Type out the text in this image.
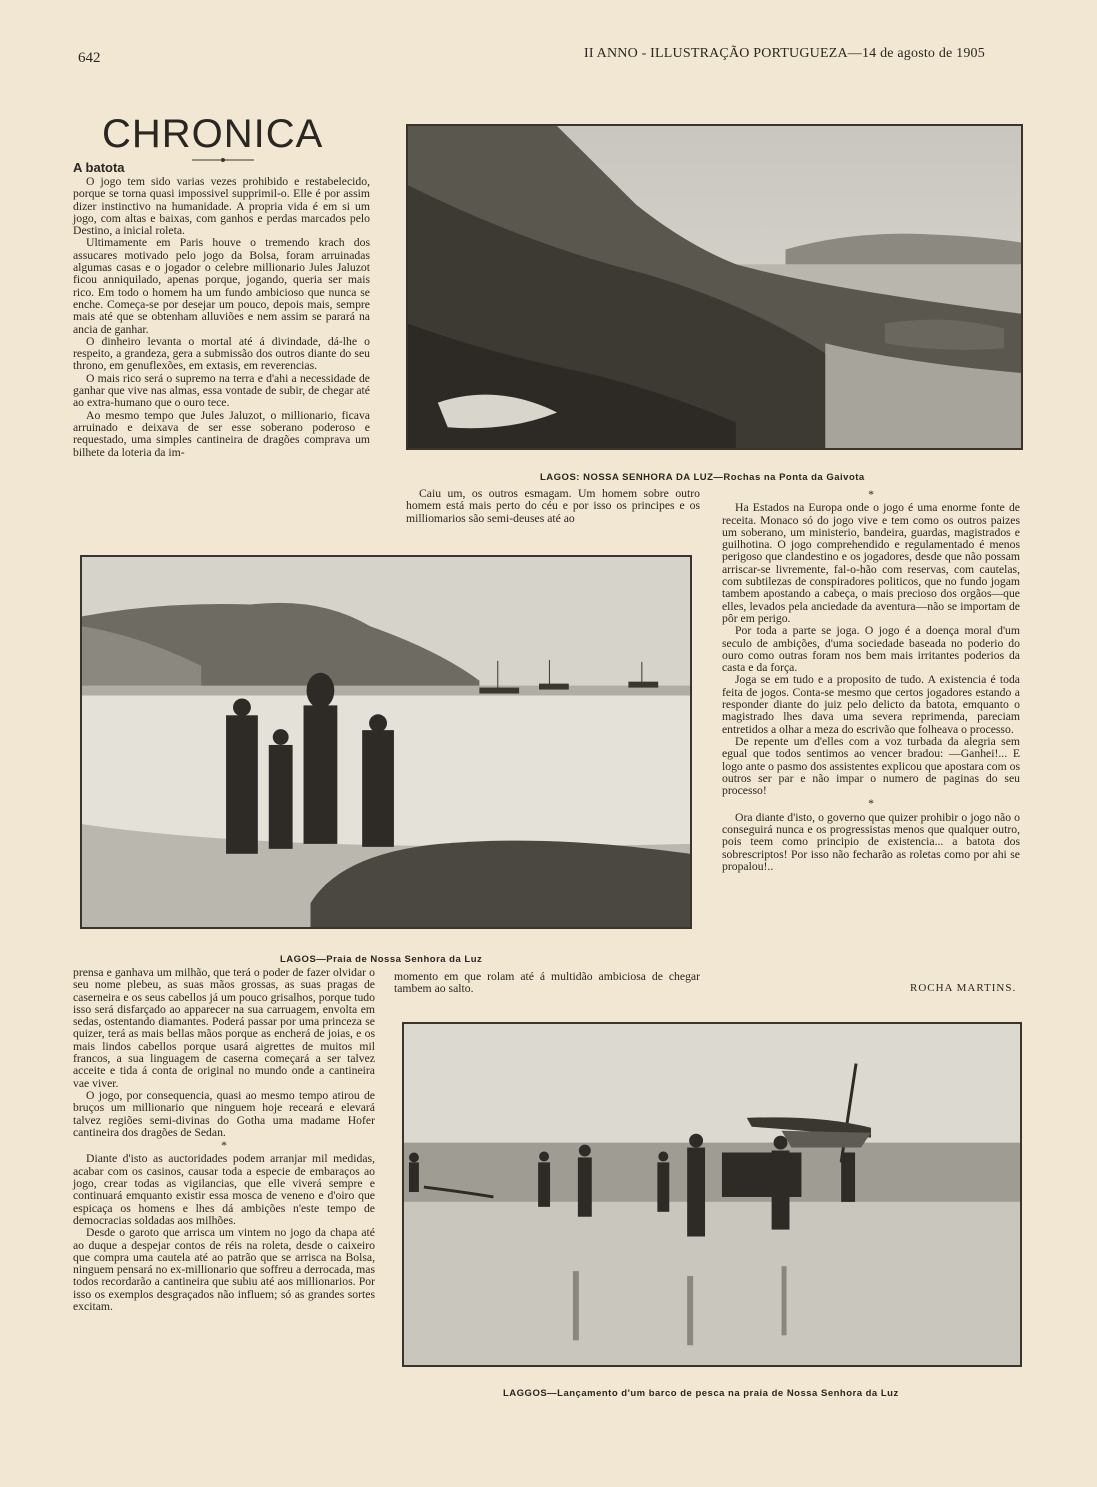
642	II ANNO - ILLUSTRAÇÃO PORTUGUEZA—14 de agosto de 1905
CHRONICA
A batota

O jogo tem sido varias vezes prohibido e restabelecido, porque se torna quasi impossivel supprimil-o. Elle é por assim dizer instinctivo na humanidade. A propria vida é em si um jogo, com altas e baixas, com ganhos e perdas marcados pelo Destino, a inicial roleta.

Ultimamente em Paris houve o tremendo krach dos assucares motivado pelo jogo da Bolsa, foram arruinadas algumas casas e o jogador o celebre millionario Jules Jaluzot ficou anniquilado, apenas porque, jogando, queria ser mais rico. Em todo o homem ha um fundo ambicioso que nunca se enche. Começa-se por desejar um pouco, depois mais, sempre mais até que se obtenham alluviões e nem assim se parará na ancia de ganhar.

O dinheiro levanta o mortal até á divindade, dá-lhe o respeito, a grandeza, gera a submissão dos outros diante do seu throno, em genuflexões, em extasis, em reverencias.

O mais rico será o supremo na terra e d'ahi a necessidade de ganhar que vive nas almas, essa vontade de subir, de chegar até ao extra-humano que o ouro tece.

Ao mesmo tempo que Jules Jaluzot, o millionario, ficava arruinado e deixava de ser esse soberano poderoso e requestado, uma simples cantineira de dragões comprava um bilhete da loteria da im-

LAGOS: NOSSA SENHORA DA LUZ—Rochas na Ponta da Gaivota

Caiu um, os outros esmagam. Um homem sobre outro homem está mais perto do céu e por isso os principes e os milliomarios são semi-deuses até ao

*

Ha Estados na Europa onde o jogo é uma enorme fonte de receita. Monaco só do jogo vive e tem como os outros paizes um soberano, um ministerio, bandeira, guardas, magistrados e guilhotina. O jogo comprehendido e regulamentado é menos perigoso que clandestino e os jogadores, desde que não possam arriscar-se livremente, fal-o-hão com reservas, com cautelas, com subtilezas de conspiradores politicos, que no fundo jogam tambem apostando a cabeça, o mais precioso dos orgãos—que elles, levados pela anciedade da aventura—não se importam de pôr em perigo.

Por toda a parte se joga. O jogo é a doença moral d'um seculo de ambições, d'uma sociedade baseada no poderio do ouro como outras foram nos bem mais irritantes poderios da casta e da força.

Joga se em tudo e a proposito de tudo. A existencia é toda feita de jogos. Conta-se mesmo que certos jogadores estando a responder diante do juiz pelo delicto da batota, emquanto o magistrado lhes dava uma severa reprimenda, pareciam entretidos a olhar a meza do escrivão que folheava o processo.

De repente um d'elles com a voz turbada da alegria sem egual que todos sentimos ao vencer bradou: —Ganhei!... E logo ante o pasmo dos assistentes explicou que apostara com os outros ser par e não impar o numero de paginas do seu processo!

*

Ora diante d'isto, o governo que quizer prohibir o jogo não o conseguirá nunca e os progressistas menos que qualquer outro, pois teem como principio de existencia... a batota dos sobrescriptos! Por isso não fecharão as roletas como por ahi se propalou!..

ROCHA MARTINS.
LAGOS—Praia de Nossa Senhora da Luz

prensa e ganhava um milhão, que terá o poder de fazer olvidar o seu nome plebeu, as suas mãos grossas, as suas pragas de caserneira e os seus cabellos já um pouco grisalhos, porque tudo isso será disfarçado ao apparecer na sua carruagem, envolta em sedas, ostentando diamantes. Poderá passar por uma princeza se quizer, terá as mais bellas mãos porque as encherá de joias, e os mais lindos cabellos porque usará aigrettes de muitos mil francos, a sua linguagem de caserna começará a ser talvez acceite e tida á conta de original no mundo onde a cantineira vae viver.

O jogo, por consequencia, quasi ao mesmo tempo atirou de bruços um millionario que ninguem hoje receará e elevará talvez regiões semi-divinas do Gotha uma madame Hofer cantineira dos dragões de Sedan.

*

Diante d'isto as auctoridades podem arranjar mil medidas, acabar com os casinos, causar toda a especie de embaraços ao jogo, crear todas as vigilancias, que elle viverá sempre e continuará emquanto existir essa mosca de veneno e d'oiro que espicaça os homens e lhes dá ambições n'este tempo de democracias soldadas aos milhões.

Desde o garoto que arrisca um vintem no jogo da chapa até ao duque a despejar contos de réis na roleta, desde o caixeiro que compra uma cautela até ao patrão que se arrisca na Bolsa, ninguem pensará no ex-millionario que soffreu a derrocada, mas todos recordarão a cantineira que subiu até aos millionarios. Por isso os exemplos desgraçados não influem; só as grandes sortes excitam.

momento em que rolam até á multidão ambiciosa de chegar tambem ao salto.

LAGGOS—Lançamento d'um barco de pesca na praia de Nossa Senhora da Luz
